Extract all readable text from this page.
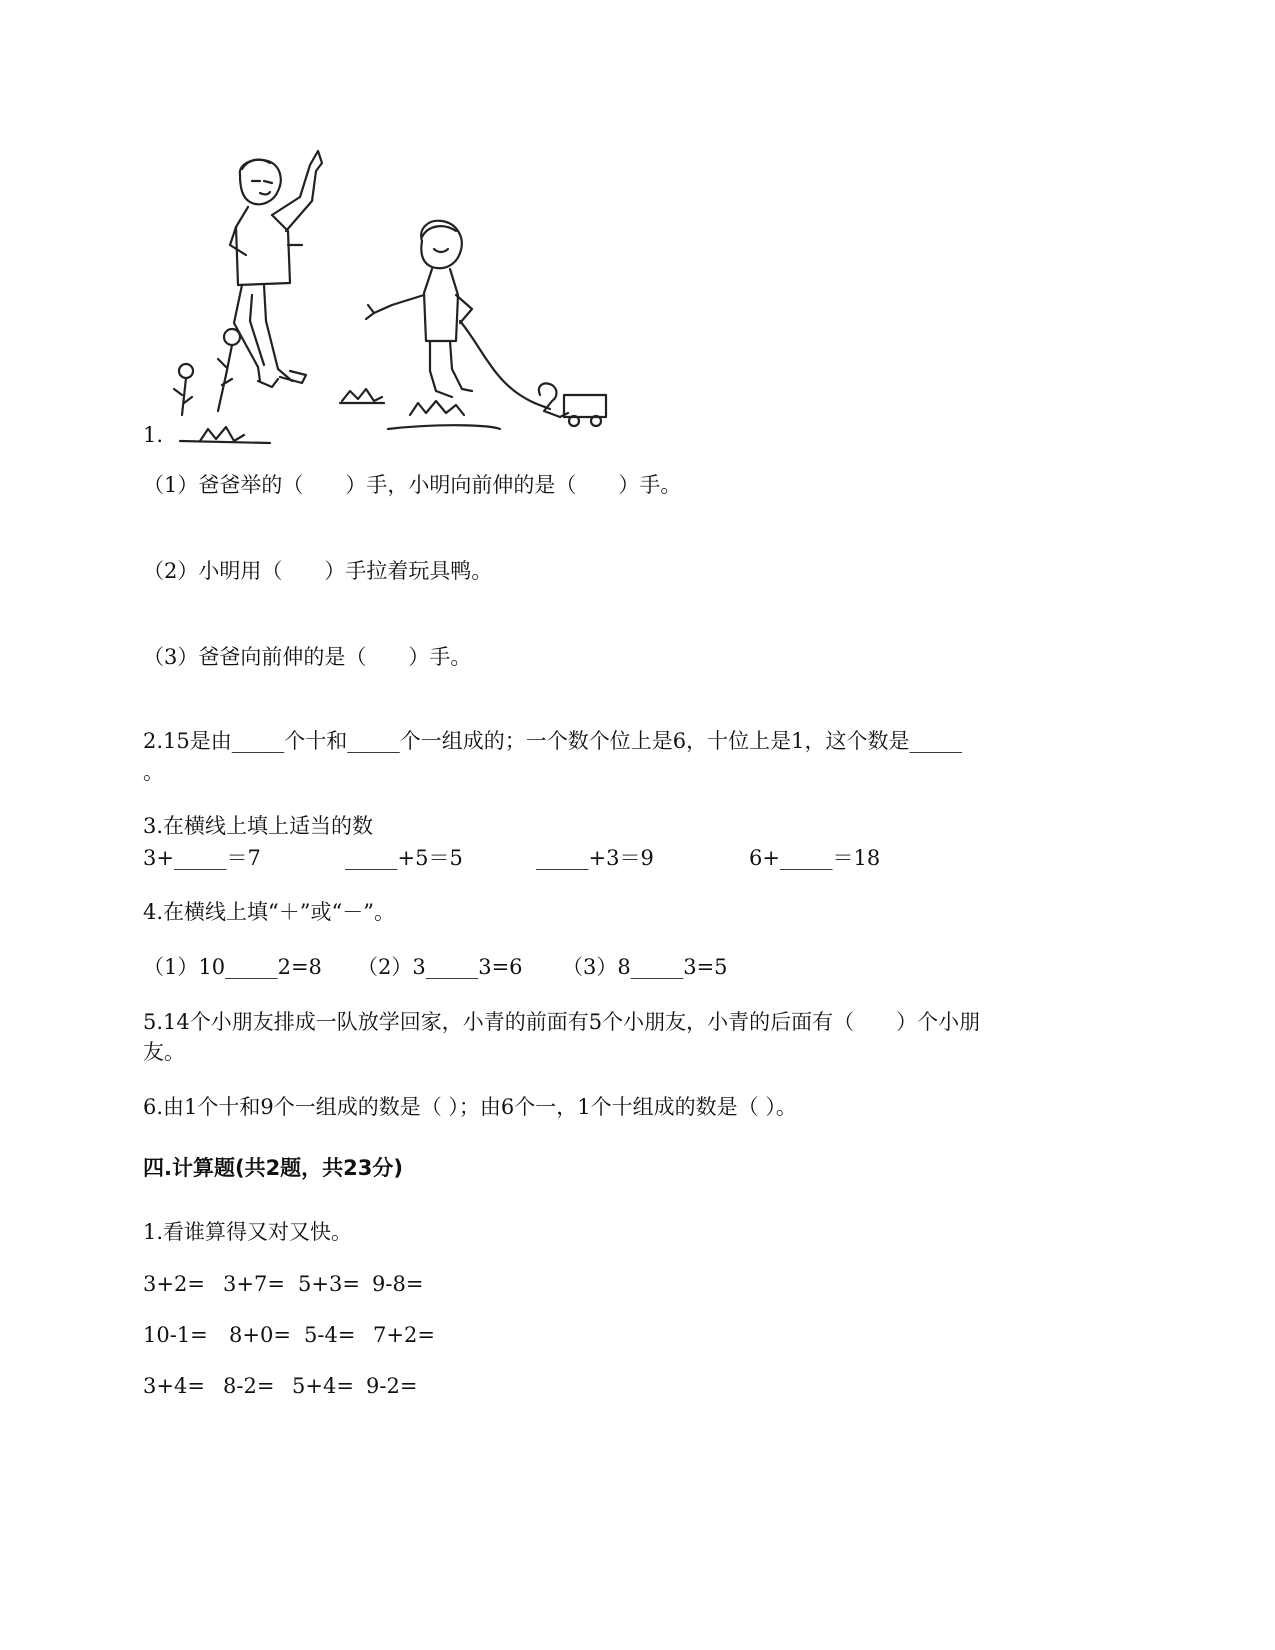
1.
（1）爸爸举的（　　）手，小明向前伸的是（　　）手。
（2）小明用（　　）手拉着玩具鸭。
（3）爸爸向前伸的是（　　）手。
2.15是由_____个十和_____个一组成的；一个数个位上是6，十位上是1，这个数是_____
。
3.在横线上填上适当的数
3+_____＝7	_____+5＝5	_____+3＝9	6+_____＝18
4.在横线上填“＋”或“－”。
（1）10_____2=8 （2）3_____3=6 （3）8_____3=5
5.14个小朋友排成一队放学回家，小青的前面有5个小朋友，小青的后面有（　　）个小朋
友。
6.由1个十和9个一组成的数是（ ）；由6个一，1个十组成的数是（ ）。
四.计算题(共2题，共23分)
1.看谁算得又对又快。
3+2= 3+7= 5+3= 9-8=
10-1= 8+0= 5-4= 7+2=
3+4= 8-2= 5+4= 9-2=
